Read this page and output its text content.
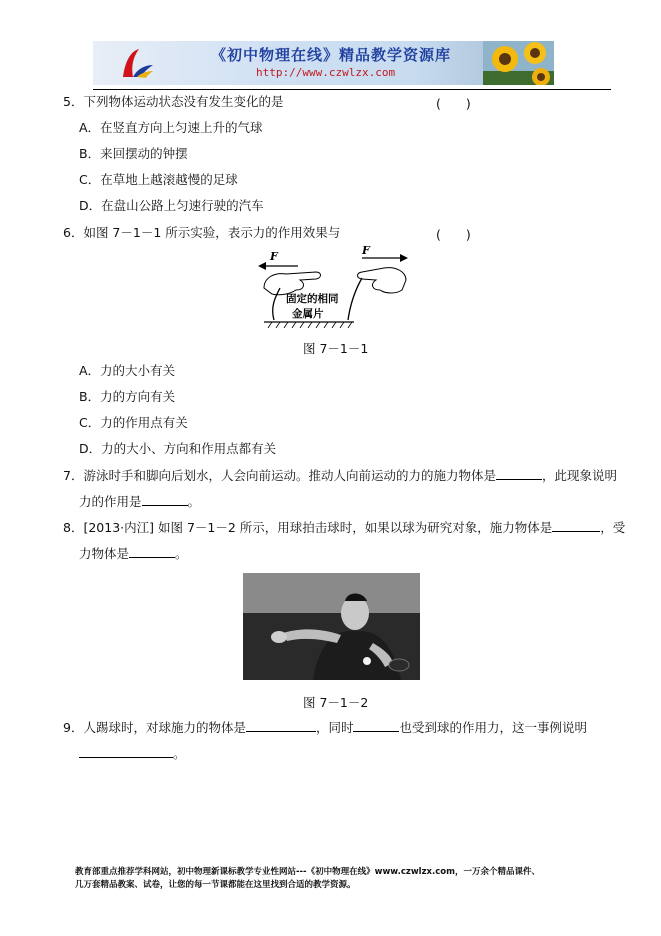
《初中物理在线》精品教学资源库
http://www.czwlzx.com
5．下列物体运动状态没有发生变化的是	(　　)
A．在竖直方向上匀速上升的气球
B．来回摆动的钟摆
C．在草地上越滚越慢的足球
D．在盘山公路上匀速行驶的汽车
6．如图 7－1－1 所示实验，表示力的作用效果与	(　　)
F	F
固定的相同
金属片
图 7－1－1
A．力的大小有关
B．力的方向有关
C．力的作用点有关
D．力的大小、方向和作用点都有关
7．游泳时手和脚向后划水，人会向前运动。推动人向前运动的力的施力物体是	，此现象说明
力的作用是	。
8．[2013·内江] 如图 7－1－2 所示，用球拍击球时，如果以球为研究对象，施力物体是	，受
力物体是	。
图 7－1－2
9．人踢球时，对球施力的物体是	，同时	也受到球的作用力，这一事例说明
。
教育部重点推荐学科网站，初中物理新课标教学专业性网站---《初中物理在线》www.czwlzx.com，一万余个精品课件、
几万套精品教案、试卷，让您的每一节课都能在这里找到合适的教学资源。
